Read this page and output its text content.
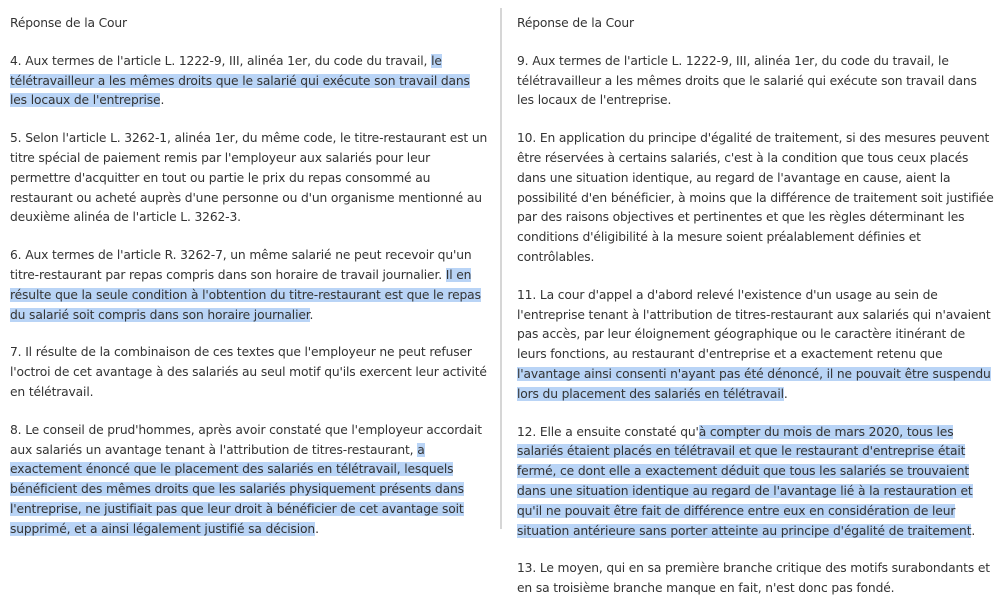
Réponse de la Cour

4. Aux termes de l'article L. 1222-9, III, alinéa 1er, du code du travail, le télétravailleur a les mêmes droits que le salarié qui exécute son travail dans les locaux de l'entreprise.

5. Selon l'article L. 3262-1, alinéa 1er, du même code, le titre-restaurant est un titre spécial de paiement remis par l'employeur aux salariés pour leur permettre d'acquitter en tout ou partie le prix du repas consommé au restaurant ou acheté auprès d'une personne ou d'un organisme mentionné au deuxième alinéa de l'article L. 3262-3.

6. Aux termes de l'article R. 3262-7, un même salarié ne peut recevoir qu'un titre-restaurant par repas compris dans son horaire de travail journalier. Il en résulte que la seule condition à l'obtention du titre-restaurant est que le repas du salarié soit compris dans son horaire journalier.

7. Il résulte de la combinaison de ces textes que l'employeur ne peut refuser l'octroi de cet avantage à des salariés au seul motif qu'ils exercent leur activité en télétravail.

8. Le conseil de prud'hommes, après avoir constaté que l'employeur accordait aux salariés un avantage tenant à l'attribution de titres-restaurant, a exactement énoncé que le placement des salariés en télétravail, lesquels bénéficient des mêmes droits que les salariés physiquement présents dans l'entreprise, ne justifiait pas que leur droit à bénéficier de cet avantage soit supprimé, et a ainsi légalement justifié sa décision.

Réponse de la Cour

9. Aux termes de l'article L. 1222-9, III, alinéa 1er, du code du travail, le télétravailleur a les mêmes droits que le salarié qui exécute son travail dans les locaux de l'entreprise.

10. En application du principe d'égalité de traitement, si des mesures peuvent être réservées à certains salariés, c'est à la condition que tous ceux placés dans une situation identique, au regard de l'avantage en cause, aient la possibilité d'en bénéficier, à moins que la différence de traitement soit justifiée par des raisons objectives et pertinentes et que les règles déterminant les conditions d'éligibilité à la mesure soient préalablement définies et contrôlables.

11. La cour d'appel a d'abord relevé l'existence d'un usage au sein de l'entreprise tenant à l'attribution de titres-restaurant aux salariés qui n'avaient pas accès, par leur éloignement géographique ou le caractère itinérant de leurs fonctions, au restaurant d'entreprise et a exactement retenu que l'avantage ainsi consenti n'ayant pas été dénoncé, il ne pouvait être suspendu lors du placement des salariés en télétravail.

12. Elle a ensuite constaté qu'à compter du mois de mars 2020, tous les salariés étaient placés en télétravail et que le restaurant d'entreprise était fermé, ce dont elle a exactement déduit que tous les salariés se trouvaient dans une situation identique au regard de l'avantage lié à la restauration et qu'il ne pouvait être fait de différence entre eux en considération de leur situation antérieure sans porter atteinte au principe d'égalité de traitement.

13. Le moyen, qui en sa première branche critique des motifs surabondants et en sa troisième branche manque en fait, n'est donc pas fondé.
